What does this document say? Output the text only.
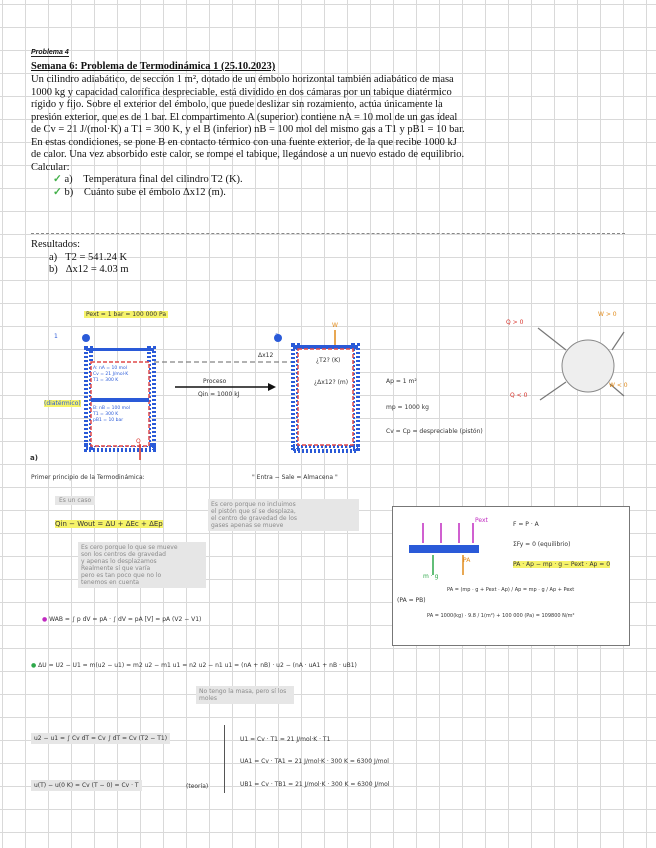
Problema 4
Semana 6: Problema de Termodinámica 1 (25.10.2023)
Un cilindro adiabático, de sección 1 m², dotado de un émbolo horizontal también adiabático de masa
1000 kg y capacidad calorífica despreciable, está dividido en dos cámaras por un tabique diatérmico
rígido y fijo. Sobre el exterior del émbolo, que puede deslizar sin rozamiento, actúa únicamente la
presión exterior, que es de 1 bar. El compartimento A (superior) contiene nA = 10 mol de un gas ideal
de Cv = 21 J/(mol·K) a T1 = 300 K, y el B (inferior) nB = 100 mol del mismo gas a T1 y pB1 = 10 bar.
En estas condiciones, se pone B en contacto térmico con una fuente exterior, de la que recibe 1000 kJ
de calor. Una vez absorbido este calor, se rompe el tabique, llegándose a un nuevo estado de equilibrio.
Calcular:
✓ a) Temperatura final del cilindro T2 (K).
✓ b) Cuánto sube el émbolo Δx12 (m).
Resultados:
a) T2 = 541.24 K
b) Δx12 = 4.03 m
Pext = 1 bar = 100 000 Pa
(diatérmico)
A: nA = 10 mol
Cv = 21 J/mol·K
T1 = 300 K
B: nB = 100 mol
T1 = 300 K
pB1 = 10 bar
Q
W
Proceso
Qin = 1000 kJ
Δx12
¿T2? (K)
¿Δx12? (m)	Ap = 1 m²
mp = 1000 kg
Cv = Cp = despreciable (pistón)
Q > 0
Q < 0
W > 0
W < 0
1	2
a)
Primer principio de la Termodinámica:	" Entra − Sale = Almacena "
Es un caso
Qin − Wout = ΔU + ΔEc + ΔEp
Es cero porque no incluimos
el pistón que sí se desplaza,
el centro de gravedad de los
gases apenas se mueve
Es cero porque lo que se mueve
son los centros de gravedad
y apenas lo desplazamos
Realmente sí que varía
pero es tan poco que no lo
tenemos en cuenta
● WAB = ∫ p dV = pA · ∫ dV = pA [V] = pA (V2 − V1)
Pext
m · g
PA
F = P · A
ΣFy = 0 (equilibrio)
PA · Ap − mp · g − Pext · Ap = 0
PA = (mp · g + Pext · Ap) / Ap = mp · g / Ap + Pext
(PA = PB)
PA = 1000(kg) · 9.8 / 1(m²) + 100 000 (Pa) = 109800 N/m²
● ΔU = U2 − U1 = m(u2 − u1) = m2 u2 − m1 u1 = n2 u2 − n1 u1 = (nA + nB) · u2 − (nA · uA1 + nB · uB1)
No tengo la masa, pero sí los moles
u2 − u1 = ∫ Cv dT = Cv ∫ dT = Cv (T2 − T1)
u(T) − u(0 K) = Cv (T − 0) = Cv · T	(teoría)
U1 = Cv · T1 = 21 J/mol·K · T1
UA1 = Cv · TA1 = 21 J/mol·K · 300 K = 6300 J/mol
UB1 = Cv · TB1 = 21 J/mol·K · 300 K = 6300 J/mol
